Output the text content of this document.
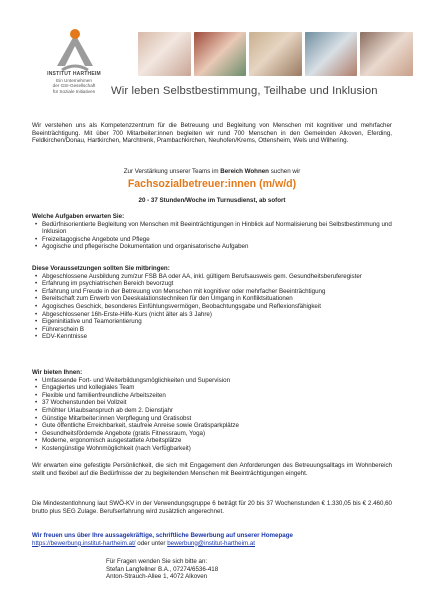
INSTITUT HARTHEIM
Ein Unternehmen
der GSI-Gesellschaft
für Soziale Initiativen	Wir leben Selbstbestimmung, Teilhabe und Inklusion
Wir verstehen uns als Kompetenzzentrum für die Betreuung und Begleitung von Menschen mit kognitiver und mehrfacher Beeinträchtigung. Mit über 700 Mitarbeiter:innen begleiten wir rund 700 Menschen in den Gemeinden Alkoven, Eferding, Feldkirchen/Donau, Hartkirchen, Marchtrenk, Prambachkirchen, Neuhofen/Krems, Ottensheim, Wels und Wilhering.
Zur Verstärkung unserer Teams im Bereich Wohnen suchen wir
Fachsozialbetreuer:innen (m/w/d)
20 - 37 Stunden/Woche im Turnusdienst, ab sofort
Welche Aufgaben erwarten Sie:
• Bedürfnisorientierte Begleitung von Menschen mit Beeinträchtigungen in Hinblick auf Normalisierung bei Selbstbestimmung und Inklusion
• Freizeitagogische Angebote und Pflege
• Agogische und pflegerische Dokumentation und organisatorische Aufgaben
Diese Voraussetzungen sollten Sie mitbringen:
• Abgeschlossene Ausbildung zum/zur FSB BA oder AA, inkl. gültigem Berufsausweis gem. Gesundheitsberuferegister
• Erfahrung im psychiatrischen Bereich bevorzugt
• Erfahrung und Freude in der Betreuung von Menschen mit kognitiver oder mehrfacher Beeinträchtigung
• Bereitschaft zum Erwerb von Deeskalationstechniken für den Umgang in Konfliktsituationen
• Agogisches Geschick, besonderes Einfühlungsvermögen, Beobachtungsgabe und Reflexionsfähigkeit
• Abgeschlossener 16h-Erste-Hilfe-Kurs (nicht älter als 3 Jahre)
• Eigeninitiative und Teamorientierung
• Führerschein B
• EDV-Kenntnisse
Wir bieten Ihnen:
• Umfassende Fort- und Weiterbildungsmöglichkeiten und Supervision
• Engagiertes und kollegiales Team
• Flexible und familienfreundliche Arbeitszeiten
• 37 Wochenstunden bei Vollzeit
• Erhöhter Urlaubsanspruch ab dem 2. Dienstjahr
• Günstige Mitarbeiter:innen Verpflegung und Gratisobst
• Gute öffentliche Erreichbarkeit, staufreie Anreise sowie Gratisparkplätze
• Gesundheitsfördernde Angebote (gratis Fitnessraum, Yoga)
• Moderne, ergonomisch ausgestattete Arbeitsplätze
• Kostengünstige Wohnmöglichkeit (nach Verfügbarkeit)
Wir erwarten eine gefestigte Persönlichkeit, die sich mit Engagement den Anforderungen des Betreuungsalltags im Wohnbereich stellt und flexibel auf die Bedürfnisse der zu begleitenden Menschen mit Beeinträchtigungen eingeht.
Die Mindestentlohnung laut SWÖ-KV in der Verwendungsgruppe 6 beträgt für 20 bis 37 Wochenstunden € 1.330,05 bis € 2.460,60 brutto plus SEG Zulage. Berufserfahrung wird zusätzlich angerechnet.
Wir freuen uns über Ihre aussagekräftige, schriftliche Bewerbung auf unserer Homepage
https://bewerbung.institut-hartheim.at/ oder unter bewerbung@institut-hartheim.at
Für Fragen wenden Sie sich bitte an:
Stefan Langfellner B.A., 07274/6536-418
Anton-Strauch-Allee 1, 4072 Alkoven
